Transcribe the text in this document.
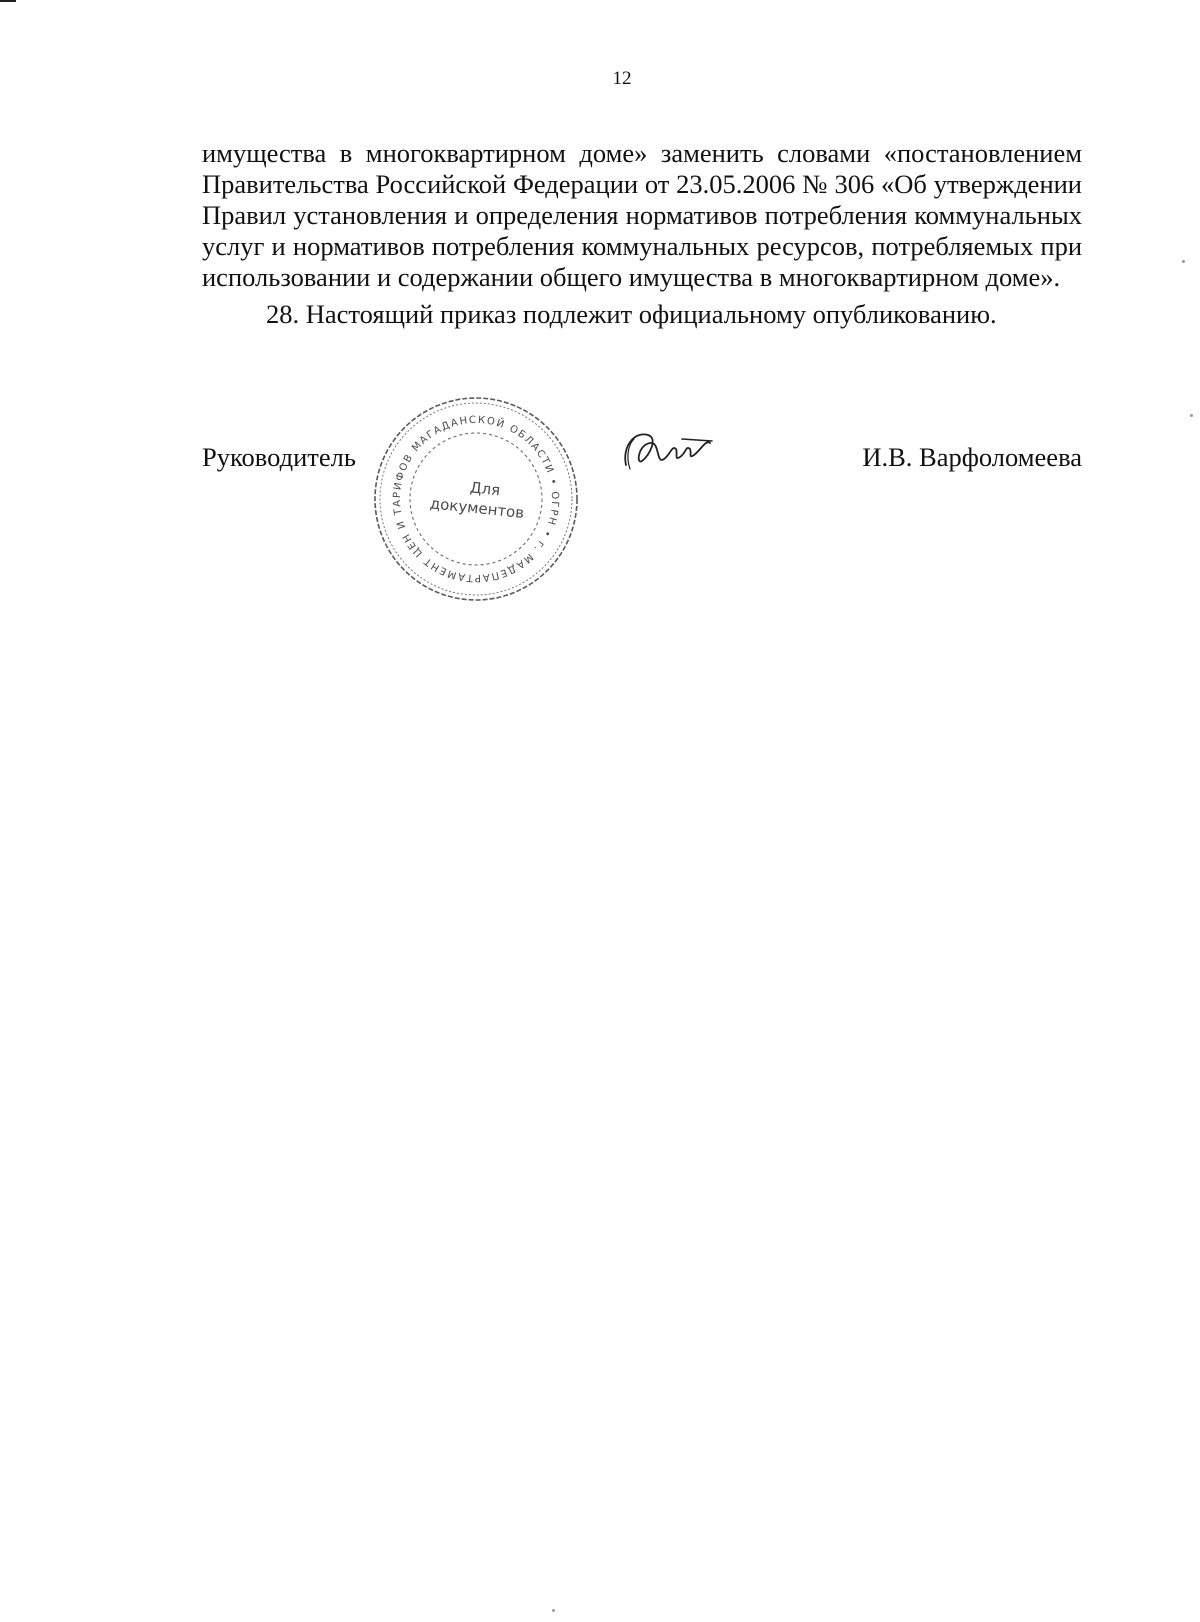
12

имущества в многоквартирном доме» заменить словами «постановлением Правительства Российской Федерации от 23.05.2006 № 306 «Об утверждении Правил установления и определения нормативов потребления коммунальных услуг и нормативов потребления коммунальных ресурсов, потребляемых при использовании и содержании общего имущества в многоквартирном доме».

28. Настоящий приказ подлежит официальному опубликованию.

Руководитель	И.В. Варфоломеева
ДЕПАРТАМЕНТ ЦЕН И ТАРИФОВ МАГАДАНСКОЙ ОБЛАСТИ • ОГРН • г. МАГАДАН
Для
документов
